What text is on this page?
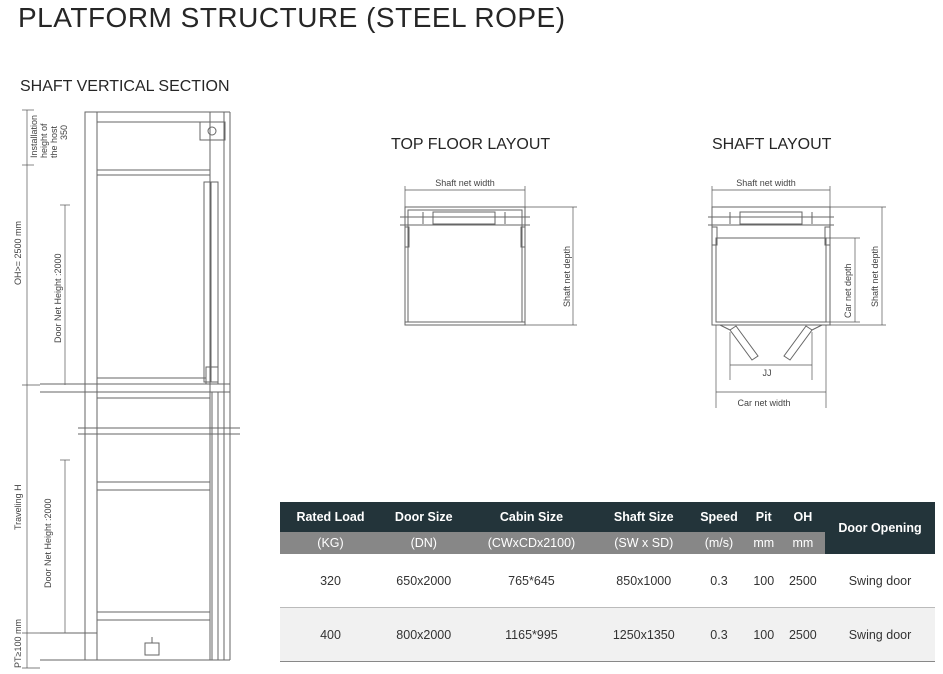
PLATFORM STRUCTURE (STEEL ROPE)
SHAFT VERTICAL SECTION
TOP FLOOR LAYOUT	SHAFT LAYOUT
Installation height of the host 350
OH>= 2500 mm
Door Net Height :2000
Traveling H Door Net Height :2000
PT≥100 mm
Shaft net width
Shaft net depth
Shaft net width
JJ
Car net width
Car net depth Shaft net depth
Rated Load	Door Size	Cabin Size	Shaft Size	Speed	Pit	OH	Door Opening
(KG)	(DN)	(CWxCDx2100)	(SW x SD)	(m/s)	mm	mm	
320	650x2000	765*645	850x1000	0.3	100	2500	Swing door
400	800x2000	1165*995	1250x1350	0.3	100	2500	Swing door
